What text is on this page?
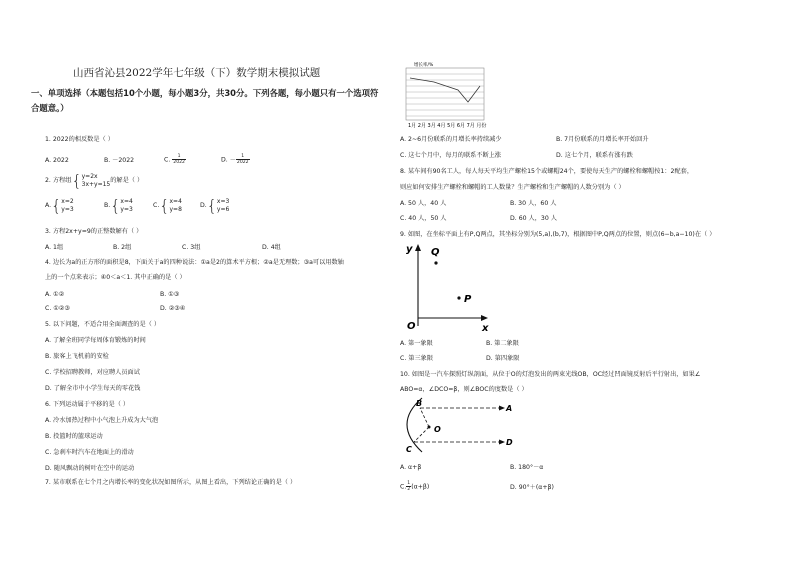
山西省沁县2022学年七年级（下）数学期末模拟试题
一、单项选择（本题包括10个小题，每小题3分，共30分。下列各题，每小题只有一个选项符
合题意。）
1. 2022的相反数是（ ）
A. 2022	B. －2022	C. $\frac{1}{2022}$	D. － $\frac{1}{2022}$
2. 方程组{y=2x
3x+y=15的解是（ ）
A.{x=2
y=3
B.{x=4
y=3
C.{x=4
y=8
D.{x=3
y=6
3. 方程2x+y=9的正整数解有（ ）
A. 1组	B. 2组	C. 3组	D. 4组
4. 边长为a的正方形的面积是8，下面关于a的四种说法：①a是2的算术平方根；②a是无理数；③a可以用数轴
上的一个点来表示；④0＜a＜1. 其中正确的是（ ）
A. ①②	B. ①③
C. ①②③	D. ②③④
5. 以下问题，不适合用全面调查的是（ ）
A. 了解全班同学每周体育锻炼的时间
B. 旅客上飞机前的安检
C. 学校招聘教师，对应聘人员面试
D. 了解全市中小学生每天的零花钱
6. 下列运动属于平移的是（ ）
A. 冷水加热过程中小气泡上升成为大气泡
B. 投篮时的篮球运动
C. 急刹车时汽车在地面上的滑动
D. 随风飘动的树叶在空中的运动
7. 某市联系在七个月之内增长率的变化状况如图所示，从图上看出，下列结论正确的是（ ）
增长率/%
1月 2月 3月 4月 5月 6月 7月 月份
A. 2~6月份联系的月增长率持续减少	B. 7月份联系的月增长率开始回升
C. 这七个月中，每月的联系不断上涨	D. 这七个月，联系有涨有跌
8. 某车间有90名工人，每人每天平均生产螺栓15个或螺帽24个，要使每天生产的螺栓和螺帽按1：2配套，
则应如何安排生产螺栓和螺帽的工人数量？生产螺栓和生产螺帽的人数分别为（ ）
A. 50 人，40 人	B. 30 人，60 人
C. 40 人，50 人	D. 60 人，30 人
9. 如图，在坐标平面上有P,Q两点，其坐标分别为(5,a),(b,7)，根据图中P,Q两点的位置，则点(6−b,a−10)在（ ）
y
x
O
Q
P
A. 第一象限	B. 第二象限
C. 第三象限	D. 第四象限
10. 如图是一汽车探照灯纵剖面，从位于O的灯泡发出的两束光线OB，OC经过凹面镜反射后平行射出，如果∠
ABO=α，∠DCO=β，则∠BOC的度数是（ ）
B
A
O
C
D
A. α+β	B. 180°－α
C. $\frac{1}{2} (\alpha+\beta)$	D. 90°＋(α+β)
